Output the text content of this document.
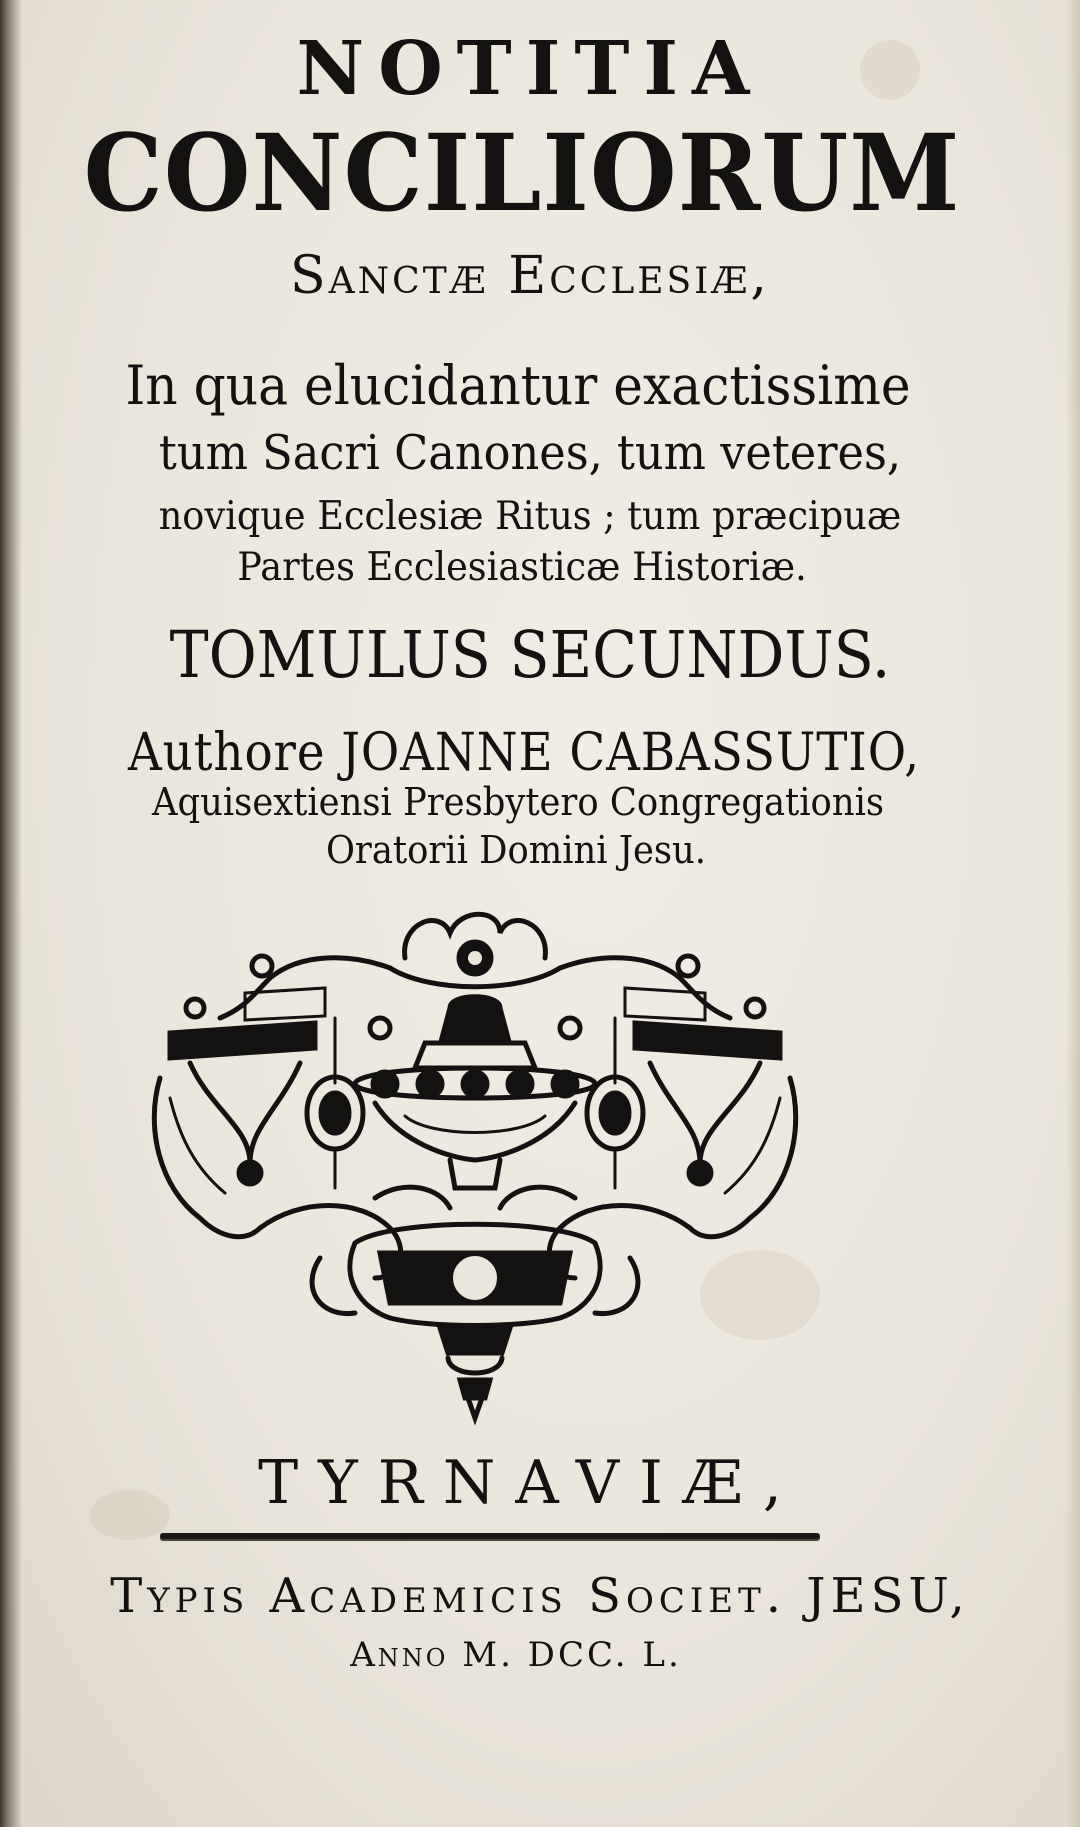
NOTITIA
CONCILIORUM
Sanctæ Ecclesiæ,

In qua elucidantur exactissime

tum Sacri Canones, tum veteres,

novique Ecclesiæ Ritus ; tum præcipuæ

Partes Ecclesiasticæ Historiæ.

TOMULUS SECUNDUS.

Authore JOANNE CABASSUTIO,

Aquisextiensi Presbytero Congregationis

Oratorii Domini Jesu.

TYRNAVIÆ,

Typis Academicis Societ. JESU,

Anno M. DCC. L.
